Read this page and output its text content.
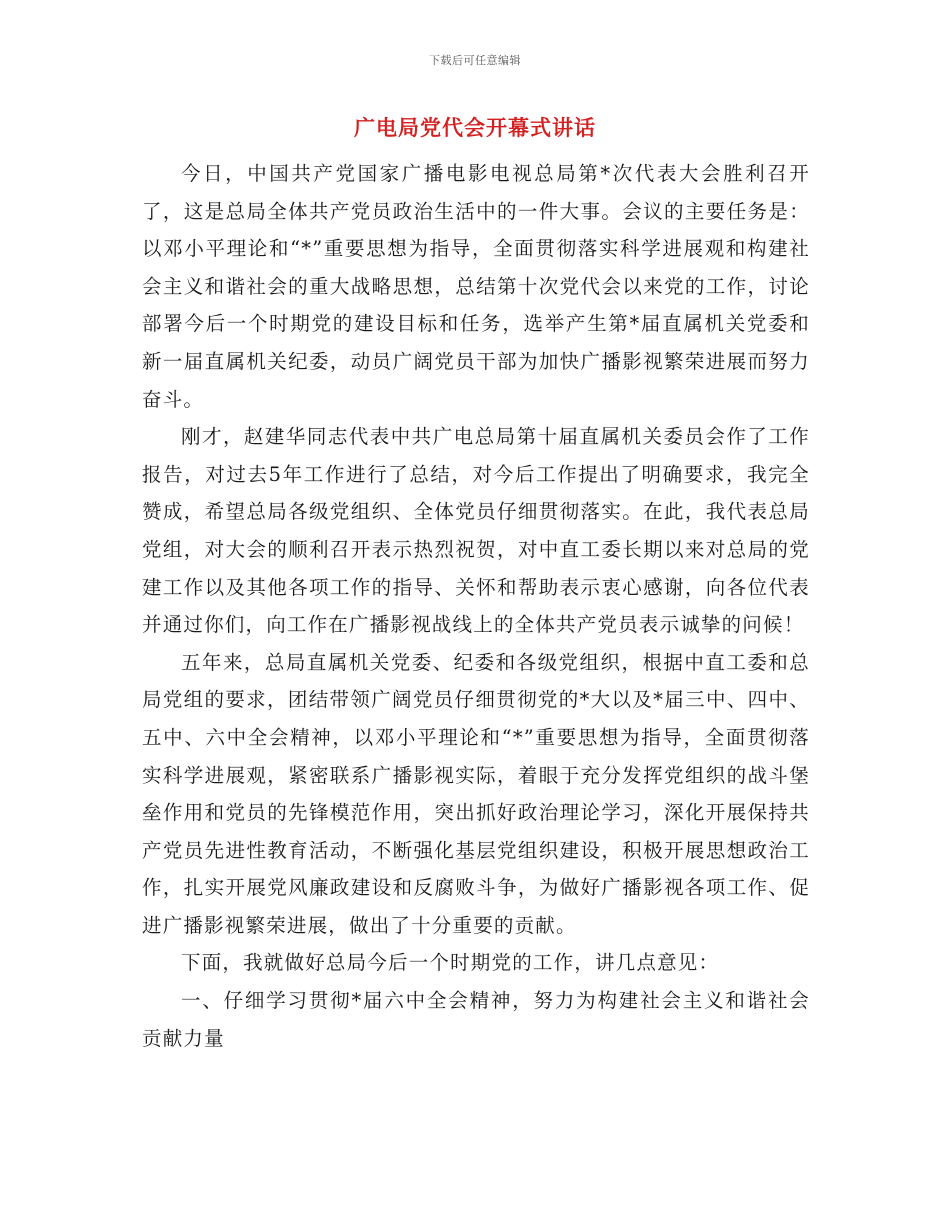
下载后可任意编辑
广电局党代会开幕式讲话

今日，中国共产党国家广播电影电视总局第*次代表大会胜利召开了，这是总局全体共产党员政治生活中的一件大事。会议的主要任务是：以邓小平理论和“*”重要思想为指导，全面贯彻落实科学进展观和构建社会主义和谐社会的重大战略思想，总结第十次党代会以来党的工作，讨论部署今后一个时期党的建设目标和任务，选举产生第*届直属机关党委和新一届直属机关纪委，动员广阔党员干部为加快广播影视繁荣进展而努力奋斗。

刚才，赵建华同志代表中共广电总局第十届直属机关委员会作了工作报告，对过去5年工作进行了总结，对今后工作提出了明确要求，我完全赞成，希望总局各级党组织、全体党员仔细贯彻落实。在此，我代表总局党组，对大会的顺利召开表示热烈祝贺，对中直工委长期以来对总局的党建工作以及其他各项工作的指导、关怀和帮助表示衷心感谢，向各位代表并通过你们，向工作在广播影视战线上的全体共产党员表示诚挚的问候！

五年来，总局直属机关党委、纪委和各级党组织，根据中直工委和总局党组的要求，团结带领广阔党员仔细贯彻党的*大以及*届三中、四中、五中、六中全会精神，以邓小平理论和“*”重要思想为指导，全面贯彻落实科学进展观，紧密联系广播影视实际，着眼于充分发挥党组织的战斗堡垒作用和党员的先锋模范作用，突出抓好政治理论学习，深化开展保持共产党员先进性教育活动，不断强化基层党组织建设，积极开展思想政治工作，扎实开展党风廉政建设和反腐败斗争，为做好广播影视各项工作、促进广播影视繁荣进展，做出了十分重要的贡献。

下面，我就做好总局今后一个时期党的工作，讲几点意见：

一、仔细学习贯彻*届六中全会精神，努力为构建社会主义和谐社会贡献力量
